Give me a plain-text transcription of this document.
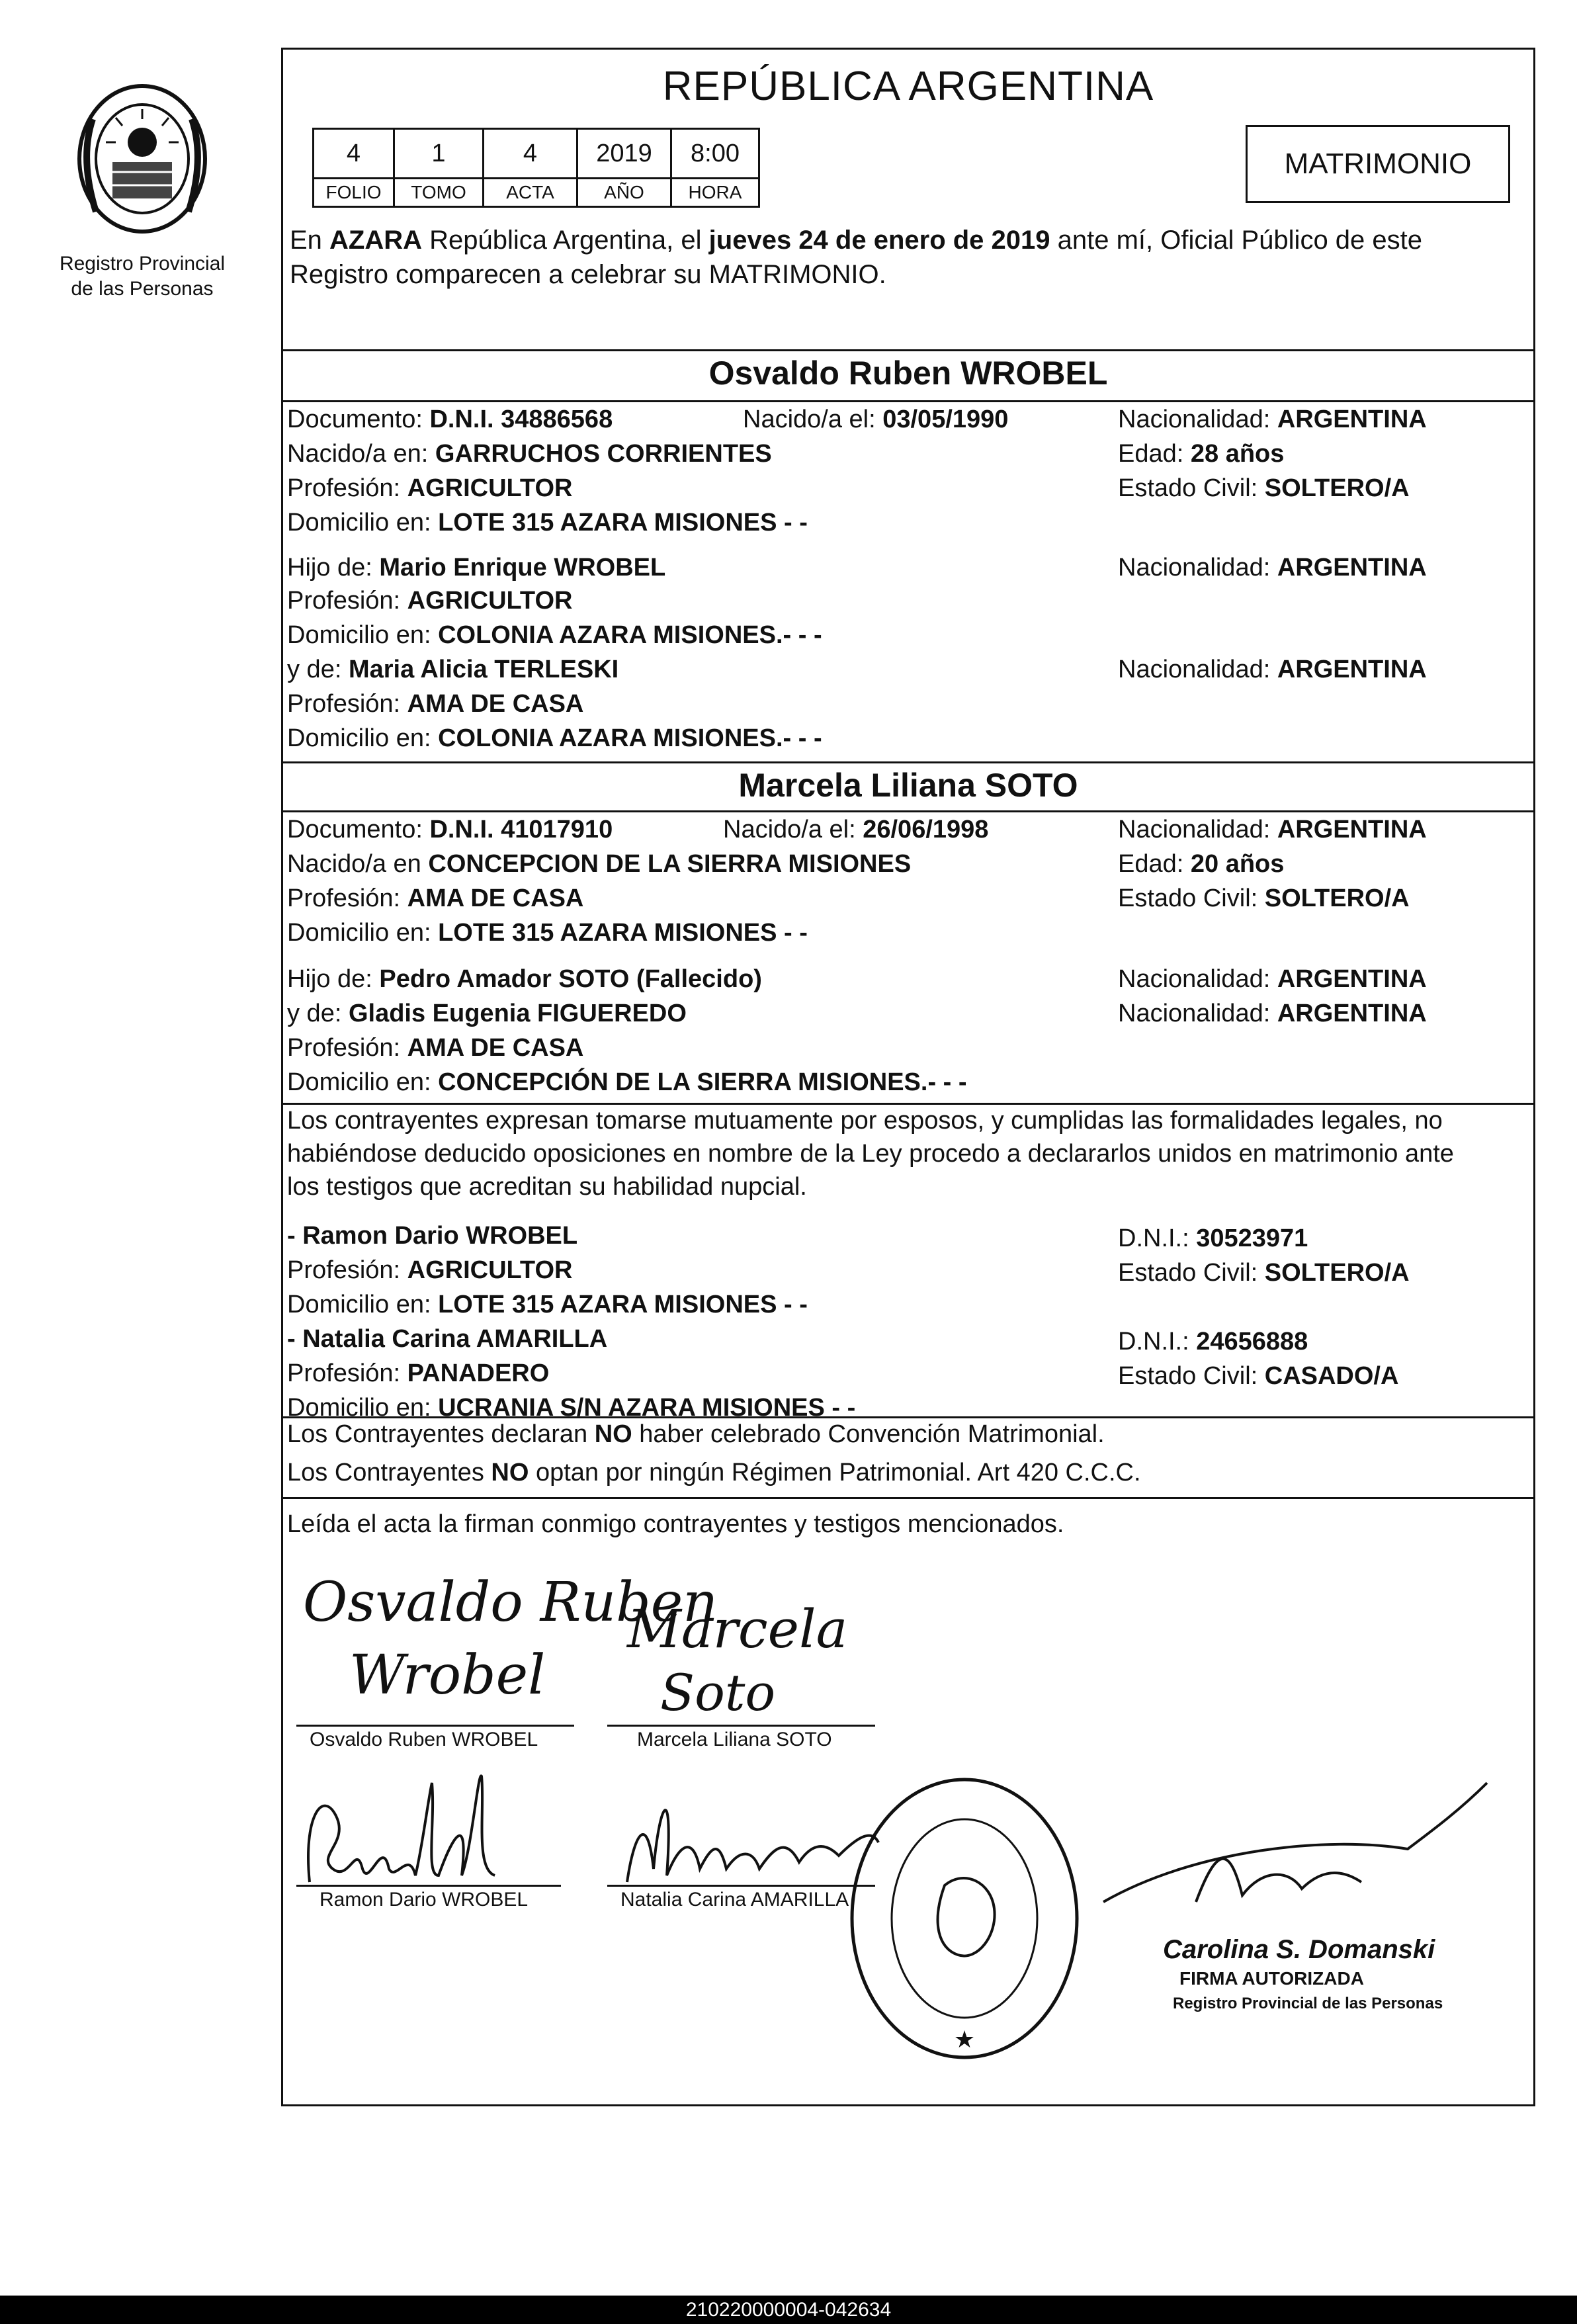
Registro Provincial
de las Personas
REPÚBLICA ARGENTINA
4	1	4	2019	8:00
FOLIO	TOMO	ACTA	AÑO	HORA
MATRIMONIO
En AZARA República Argentina, el jueves 24 de enero de 2019 ante mí, Oficial Público de este Registro comparecen a celebrar su MATRIMONIO.
Osvaldo Ruben WROBEL
Documento: D.N.I. 34886568	Nacido/a el: 03/05/1990	Nacionalidad: ARGENTINA
Nacido/a en: GARRUCHOS CORRIENTES	Edad: 28 años
Profesión: AGRICULTOR	Estado Civil: SOLTERO/A
Domicilio en: LOTE 315 AZARA MISIONES - -
Hijo de: Mario Enrique WROBEL	Nacionalidad: ARGENTINA
Profesión: AGRICULTOR
Domicilio en: COLONIA AZARA MISIONES.- - -
y de: Maria Alicia TERLESKI	Nacionalidad: ARGENTINA
Profesión: AMA DE CASA
Domicilio en: COLONIA AZARA MISIONES.- - -
Marcela Liliana SOTO
Documento: D.N.I. 41017910	Nacido/a el: 26/06/1998	Nacionalidad: ARGENTINA
Nacido/a en CONCEPCION DE LA SIERRA MISIONES	Edad: 20 años
Profesión: AMA DE CASA	Estado Civil: SOLTERO/A
Domicilio en: LOTE 315 AZARA MISIONES - -
Hijo de: Pedro Amador SOTO (Fallecido)	Nacionalidad: ARGENTINA
y de: Gladis Eugenia FIGUEREDO	Nacionalidad: ARGENTINA
Profesión: AMA DE CASA
Domicilio en: CONCEPCIÓN DE LA SIERRA MISIONES.- - -
Los contrayentes expresan tomarse mutuamente por esposos, y cumplidas las formalidades legales, no
habiéndose deducido oposiciones en nombre de la Ley procedo a declararlos unidos en matrimonio ante
los testigos que acreditan su habilidad nupcial.
- Ramon Dario WROBEL	D.N.I.: 30523971
Profesión: AGRICULTOR	Estado Civil: SOLTERO/A
Domicilio en: LOTE 315 AZARA MISIONES - -
- Natalia Carina AMARILLA	D.N.I.: 24656888
Profesión: PANADERO	Estado Civil: CASADO/A
Domicilio en: UCRANIA S/N AZARA MISIONES - -
Los Contrayentes declaran NO haber celebrado Convención Matrimonial.
Los Contrayentes NO optan por ningún Régimen Patrimonial. Art 420 C.C.C.
Leída el acta la firman conmigo contrayentes y testigos mencionados.
Osvaldo Ruben
Wrobel
Osvaldo Ruben WROBEL
Marcela
Soto
Marcela Liliana SOTO
Ramon Dario WROBEL	Natalia Carina AMARILLA
★
Carolina S. Domanski
FIRMA AUTORIZADA
Registro Provincial de las Personas
210220000004-042634
